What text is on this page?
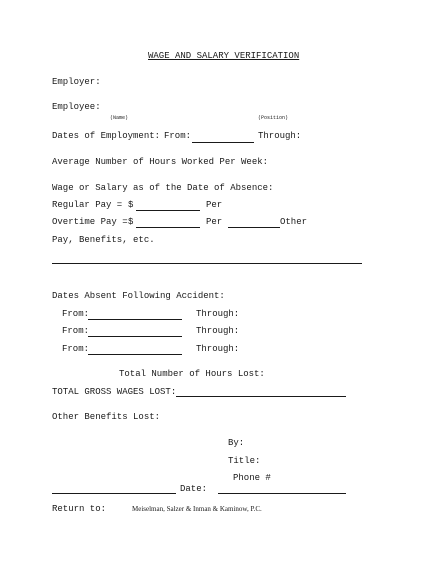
WAGE AND SALARY VERIFICATION
Employer:
Employee:
(Name)	(Position)
Dates of Employment: From:	Through:
Average Number of Hours Worked Per Week:
Wage or Salary as of the Date of Absence:
Regular Pay = $	Per
Overtime Pay = $	Per	Other
Pay, Benefits, etc.
Dates Absent Following Accident:
From:	Through:
From:	Through:
From:	Through:
Total Number of Hours Lost:
TOTAL GROSS WAGES LOST:
Other Benefits Lost:
By:
Title:
Phone #
Date:
Return to:	Meiselman, Salzer & Inman & Kaminow, P.C.
